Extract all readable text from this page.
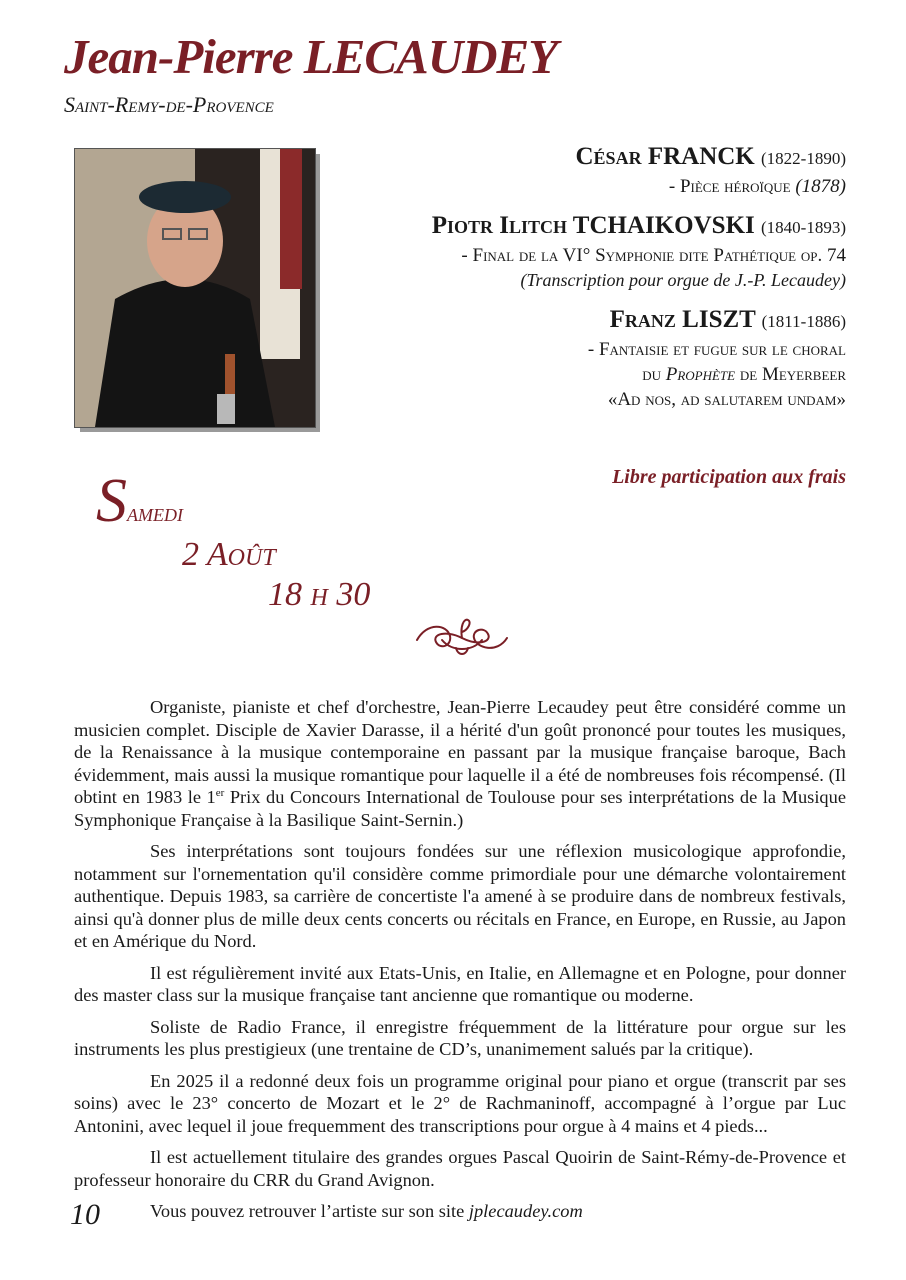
Jean-Pierre LECAUDEY
Saint-Remy-de-Provence
César FRANCK (1822-1890)
- Pièce héroïque (1878)
Piotr Ilitch TCHAIKOVSKI (1840-1893)
- Final de la VI° Symphonie dite Pathétique op. 74
(Transcription pour orgue de J.-P. Lecaudey)
Franz LISZT (1811-1886)
- Fantaisie et fugue sur le choral
du Prophète de Meyerbeer
«Ad nos, ad salutarem undam»
Libre participation aux frais
Samedi
2 Août
18 h 30

Organiste, pianiste et chef d'orchestre, Jean-Pierre Lecaudey peut être considéré comme un musicien complet. Disciple de Xavier Darasse, il a hérité d'un goût prononcé pour toutes les musiques, de la Renaissance à la musique contemporaine en passant par la musique française baroque, Bach évidemment, mais aussi la musique romantique pour laquelle il a été de nombreuses fois récompensé. (Il obtint en 1983 le 1er Prix du Concours International de Toulouse pour ses interprétations de la Musique Symphonique Française à la Basilique Saint-Sernin.)

Ses interprétations sont toujours fondées sur une réflexion musicologique approfondie, notamment sur l'ornementation qu'il considère comme primordiale pour une démarche volontairement authentique. Depuis 1983, sa carrière de concertiste l'a amené à se produire dans de nombreux festivals, ainsi qu'à donner plus de mille deux cents concerts ou récitals en France, en Europe, en Russie, au Japon et en Amérique du Nord.

Il est régulièrement invité aux Etats-Unis, en Italie, en Allemagne et en Pologne, pour donner des master class sur la musique française tant ancienne que romantique ou moderne.

Soliste de Radio France, il enregistre fréquemment de la littérature pour orgue sur les instruments les plus prestigieux (une trentaine de CD’s, unanimement salués par la critique).

En 2025 il a redonné deux fois un programme original pour piano et orgue (transcrit par ses soins) avec le 23° concerto de Mozart et le 2° de Rachmaninoff, accompagné à l’orgue par Luc Antonini, avec lequel il joue frequemment des transcriptions pour orgue à 4 mains et 4 pieds...

Il est actuellement titulaire des grandes orgues Pascal Quoirin de Saint-Rémy-de-Provence et professeur honoraire du CRR du Grand Avignon.

Vous pouvez retrouver l’artiste sur son site jplecaudey.com

10
